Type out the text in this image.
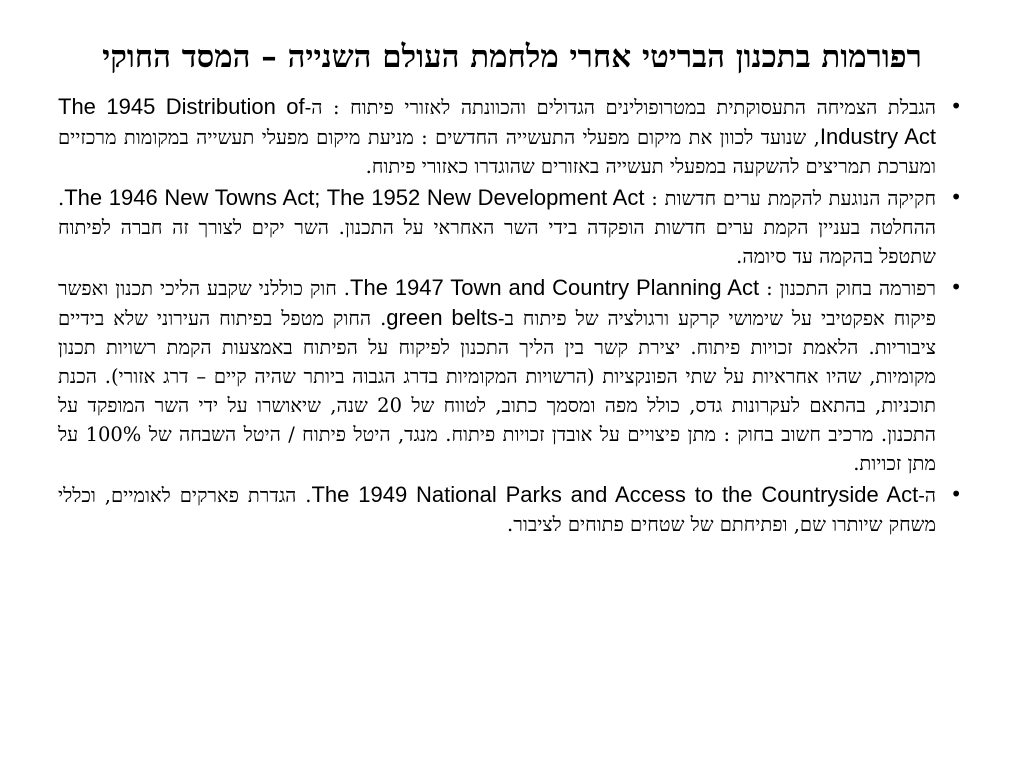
רפורמות בתכנון הבריטי אחרי מלחמת העולם השנייה – המסד החוקי
•
הגבלת הצמיחה התעסוקתית במטרופולינים הגדולים והכוונתה לאזורי פיתוח : ה-The 1945 Distribution of Industry Act, שנועד לכוון את מיקום מפעלי התעשייה החדשים : מניעת מיקום מפעלי תעשייה במקומות מרכזיים ומערכת תמריצים להשקעה במפעלי תעשייה באזורים שהוגדרו כאזורי פיתוח.
•
חקיקה הנוגעת להקמת ערים חדשות : The 1946 New Towns Act; The 1952 New Development Act. ההחלטה בעניין הקמת ערים חדשות הופקדה בידי השר האחראי על התכנון. השר יקים לצורך זה חברה לפיתוח שתטפל בהקמה עד סיומה.
•
רפורמה בחוק התכנון : The 1947 Town and Country Planning Act. חוק כוללני שקבע הליכי תכנון ואפשר פיקוח אפקטיבי על שימושי קרקע ורגולציה של פיתוח ב-green belts. החוק מטפל בפיתוח העירוני שלא בידיים ציבוריות. הלאמת זכויות פיתוח. יצירת קשר בין הליך התכנון לפיקוח על הפיתוח באמצעות הקמת רשויות תכנון מקומיות, שהיו אחראיות על שתי הפונקציות (הרשויות המקומיות בדרג הגבוה ביותר שהיה קיים – דרג אזורי). הכנת תוכניות, בהתאם לעקרונות גדס, כולל מפה ומסמך כתוב, לטווח של 20 שנה, שיאושרו על ידי השר המופקד על התכנון. מרכיב חשוב בחוק : מתן פיצויים על אובדן זכויות פיתוח. מנגד, היטל פיתוח / היטל השבחה של 100% על מתן זכויות.
•
ה-The 1949 National Parks and Access to the Countryside Act. הגדרת פארקים לאומיים, וכללי משחק שיותרו שם, ופתיחתם של שטחים פתוחים לציבור.
